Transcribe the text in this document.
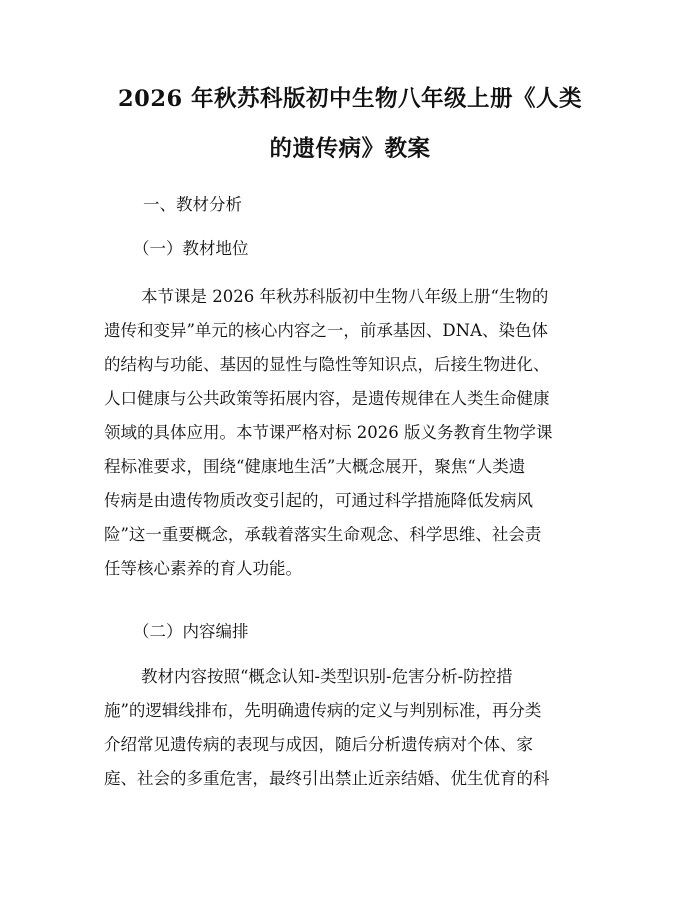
2026 年秋苏科版初中生物八年级上册《人类
的遗传病》教案
一、教材分析
（一）教材地位
本节课是 2026 年秋苏科版初中生物八年级上册“生物的
遗传和变异”单元的核心内容之一，前承基因、DNA、染色体
的结构与功能、基因的显性与隐性等知识点，后接生物进化、
人口健康与公共政策等拓展内容，是遗传规律在人类生命健康
领域的具体应用。本节课严格对标 2026 版义务教育生物学课
程标准要求，围绕“健康地生活”大概念展开，聚焦“人类遗
传病是由遗传物质改变引起的，可通过科学措施降低发病风
险”这一重要概念，承载着落实生命观念、科学思维、社会责
任等核心素养的育人功能。
（二）内容编排
教材内容按照“概念认知-类型识别-危害分析-防控措
施”的逻辑线排布，先明确遗传病的定义与判别标准，再分类
介绍常见遗传病的表现与成因，随后分析遗传病对个体、家
庭、社会的多重危害，最终引出禁止近亲结婚、优生优育的科
